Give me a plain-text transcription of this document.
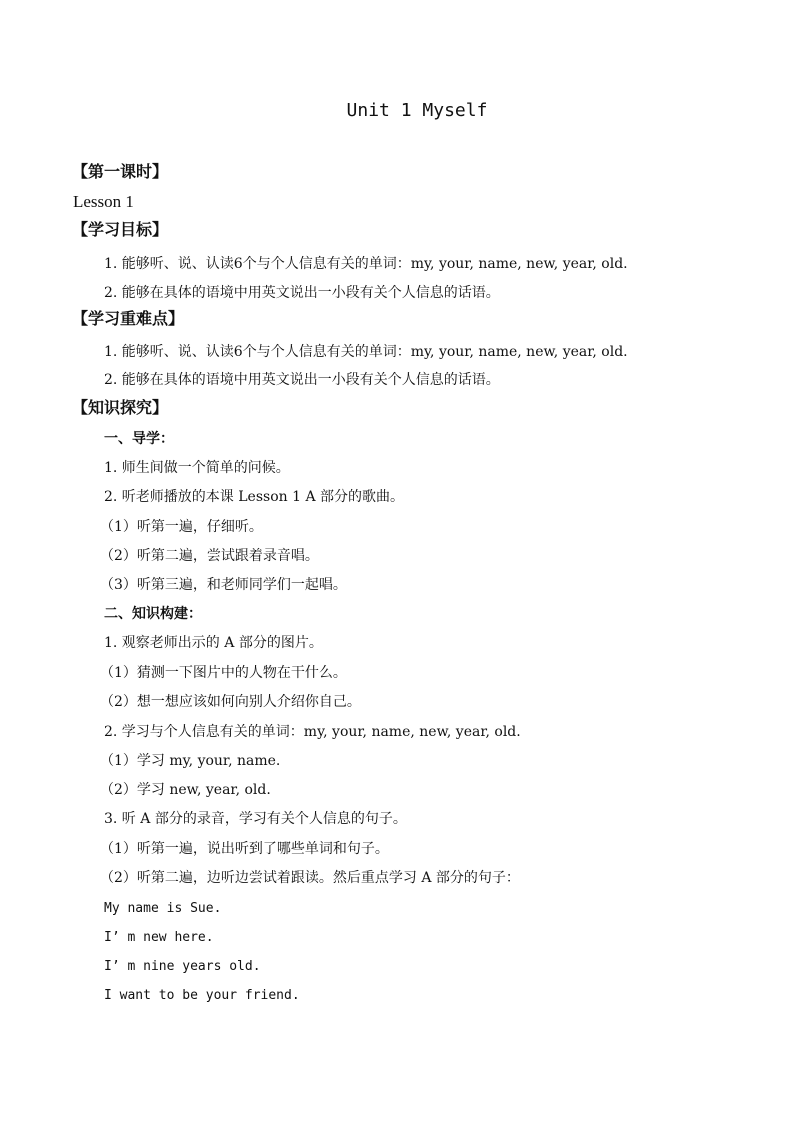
Unit 1 Myself
【第一课时】
Lesson 1
【学习目标】
1. 能够听、说、认读6个与个人信息有关的单词：my, your, name, new, year, old.
2. 能够在具体的语境中用英文说出一小段有关个人信息的话语。
【学习重难点】
1. 能够听、说、认读6个与个人信息有关的单词：my, your, name, new, year, old.
2. 能够在具体的语境中用英文说出一小段有关个人信息的话语。
【知识探究】
一、导学：
1. 师生间做一个简单的问候。
2. 听老师播放的本课 Lesson 1 A 部分的歌曲。
（1）听第一遍，仔细听。
（2）听第二遍，尝试跟着录音唱。
（3）听第三遍，和老师同学们一起唱。
二、知识构建：
1. 观察老师出示的 A 部分的图片。
（1）猜测一下图片中的人物在干什么。
（2）想一想应该如何向别人介绍你自己。
2. 学习与个人信息有关的单词：my, your, name, new, year, old.
（1）学习 my, your, name.
（2）学习 new, year, old.
3. 听 A 部分的录音，学习有关个人信息的句子。
（1）听第一遍，说出听到了哪些单词和句子。
（2）听第二遍，边听边尝试着跟读。然后重点学习 A 部分的句子：
My name is Sue.
I’ m new here.
I’ m nine years old.
I want to be your friend.
